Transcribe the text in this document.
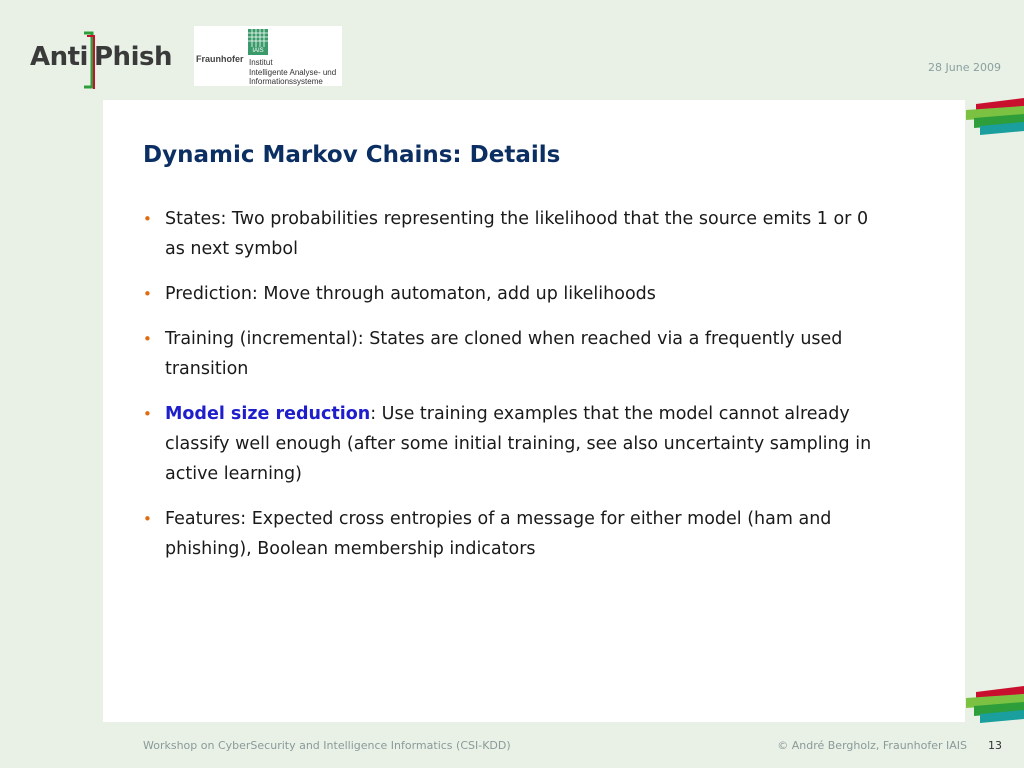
Anti Phish	Fraunhofer
IAIS
Institut
Intelligente Analyse- und
Informationssysteme
28 June 2009
Dynamic Markov Chains: Details
• States: Two probabilities representing the likelihood that the source emits 1 or 0 as next symbol
• Prediction: Move through automaton, add up likelihoods
• Training (incremental): States are cloned when reached via a frequently used transition
• Model size reduction: Use training examples that the model cannot already classify well enough (after some initial training, see also uncertainty sampling in active learning)
• Features: Expected cross entropies of a message for either model (ham and phishing), Boolean membership indicators
Workshop on CyberSecurity and Intelligence Informatics (CSI-KDD)	© André Bergholz, Fraunhofer IAIS 13
